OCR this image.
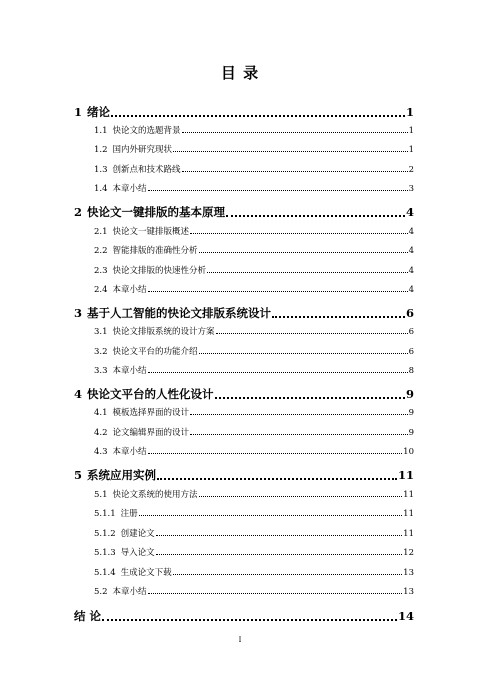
目 录
1 绪论	1
1.1 快论文的选题背景	1
1.2 国内外研究现状	1
1.3 创新点和技术路线	2
1.4 本章小结	3
2 快论文一键排版的基本原理	4
2.1 快论文一键排版概述	4
2.2 智能排版的准确性分析	4
2.3 快论文排版的快速性分析	4
2.4 本章小结	4
3 基于人工智能的快论文排版系统设计	6
3.1 快论文排版系统的设计方案	6
3.2 快论文平台的功能介绍	6
3.3 本章小结	8
4 快论文平台的人性化设计	9
4.1 模板选择界面的设计	9
4.2 论文编辑界面的设计	9
4.3 本章小结	10
5 系统应用实例	11
5.1 快论文系统的使用方法	11
5.1.1 注册	11
5.1.2 创建论文	11
5.1.3 导入论文	12
5.1.4 生成论文下载	13
5.2 本章小结	13
结 论	14
I
